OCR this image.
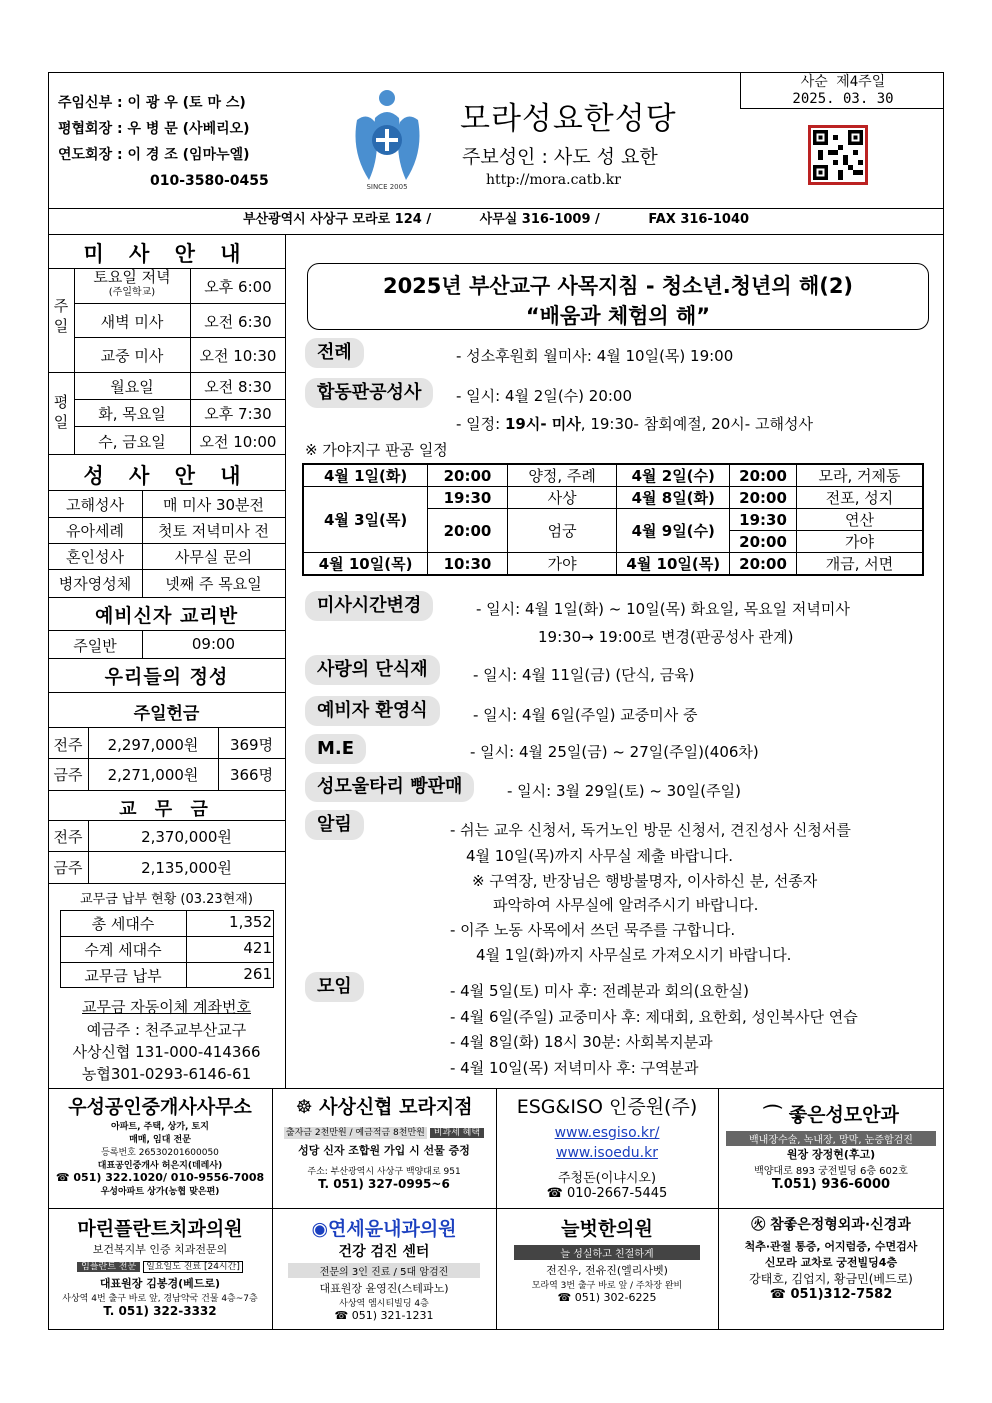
주임신부 : 이 광 우 (토 마 스)
평협회장 : 우 병 문 (사베리오)
연도회장 : 이 경 조 (임마누엘)
010-3580-0455	SINCE 2005
모라성요한성당
주보성인 : 사도 성 요한
http://mora.catb.kr
사순 제4주일
2025. 03. 30
부산광역시 사상구 모라로 124 /	사무실 316-1009 /	FAX 316-1040
미 사 안 내
주일
토요일 저녁
(주일학교)	오후 6:00
새벽 미사	오전 6:30
교중 미사	오전 10:30
평일
월요일	오전 8:30
화, 목요일	오후 7:30
수, 금요일	오전 10:00
성 사 안 내
고해성사	매 미사 30분전
유아세례	첫토 저녁미사 전
혼인성사	사무실 문의
병자영성체	넷째 주 목요일
예비신자 교리반
주일반	09:00
우리들의 정성
주일헌금
전주	2,297,000원	369명
금주	2,271,000원	366명
교 무 금
전주	2,370,000원
금주	2,135,000원
교무금 납부 현황 (03.23현재)
총 세대수	1,352
수계 세대수	421
교무금 납부	261
교무금 자동이체 계좌번호
예금주 : 천주교부산교구
사상신협 131-000-414366
농협301-0293-6146-61
2025년 부산교구 사목지침 - 청소년.청년의 해(2)
“배움과 체험의 해”
전례	- 성소후원회 월미사: 4월 10일(목) 19:00
합동판공성사	- 일시: 4월 2일(수) 20:00
- 일정: 19시- 미사, 19:30- 참회예절, 20시- 고해성사
※ 가야지구 판공 일정
4월 1일(화)	20:00	양정, 주례	4월 2일(수)	20:00	모라, 거제동
4월 3일(목)	19:30	사상	4월 8일(화)	20:00	전포, 성지
	20:00	엄궁	4월 9일(수)	19:30	연산
				20:00	가야
4월 10일(목)	10:30	가야	4월 10일(목)	20:00	개금, 서면
미사시간변경	- 일시: 4월 1일(화) ~ 10일(목) 화요일, 목요일 저녁미사
19:30→ 19:00로 변경(판공성사 관계)
사랑의 단식재	- 일시: 4월 11일(금) (단식, 금육)
예비자 환영식	- 일시: 4월 6일(주일) 교중미사 중
M.E	- 일시: 4월 25일(금) ~ 27일(주일)(406차)
성모울타리 빵판매	- 일시: 3월 29일(토) ~ 30일(주일)
알림	- 쉬는 교우 신청서, 독거노인 방문 신청서, 견진성사 신청서를
4월 10일(목)까지 사무실 제출 바랍니다.
※ 구역장, 반장님은 행방불명자, 이사하신 분, 선종자
파악하여 사무실에 알려주시기 바랍니다.
- 이주 노동 사목에서 쓰던 묵주를 구합니다.
4월 1일(화)까지 사무실로 가져오시기 바랍니다.
모임	- 4월 5일(토) 미사 후: 전례분과 회의(요한실)
- 4월 6일(주일) 교중미사 후: 제대회, 요한회, 성인복사단 연습
- 4월 8일(화) 18시 30분: 사회복지분과
- 4월 10일(목) 저녁미사 후: 구역분과
우성공인중개사사무소
아파트, 주택, 상가, 토지
매매, 임대 전문
등록번호 26530201600050
대표공인중개사 허은지(데레사)
☎ 051) 322.1020/ 010-9556-7008
우성아파트 상가(농협 맞은편)
☸ 사상신협 모라지점
출자금 2천만원 / 예금적금 8천만원 비과세 혜택
성당 신자 조합원 가입 시 선물 증정
주소: 부산광역시 사상구 백양대로 951
T. 051) 327-0995~6
ESG&ISO 인증원(주)
www.esgiso.kr/
www.isoedu.kr
주청돈(이냐시오)
☎ 010-2667-5445
⌒ 좋은성모안과
백내장수술, 녹내장, 망막, 눈증합검진
원장 장정현(후고)
백양대로 893 궁전빌딩 6층 602호
T.051) 936-6000
마린플란트치과의원
보건복지부 인증 치과전문의
임플란트 전문 일요일도 진료 [24시간]
대표원장 김봉경(베드로)
사상역 4번 출구 바로 앞, 경남약국 건물 4층~7층
T. 051) 322-3332
◉연세윤내과의원
건강 검진 센터
전문의 3인 진료 / 5대 암검진
대표원장 윤영진(스테파노)
사상역 엠시티빌딩 4층
☎ 051) 321-1231
늘벗한의원
늘 성실하고 친절하게
전진우, 전유진(엘리사벳)
모라역 3번 출구 바로 앞 / 주차장 완비
☎ 051) 302-6225
㊋ 참좋은정형외과·신경과
척추·관절 통증, 어지럼증, 수면검사
신모라 교차로 궁전빌딩4층
강태호, 김업지, 황금민(베드로)
☎ 051)312-7582
